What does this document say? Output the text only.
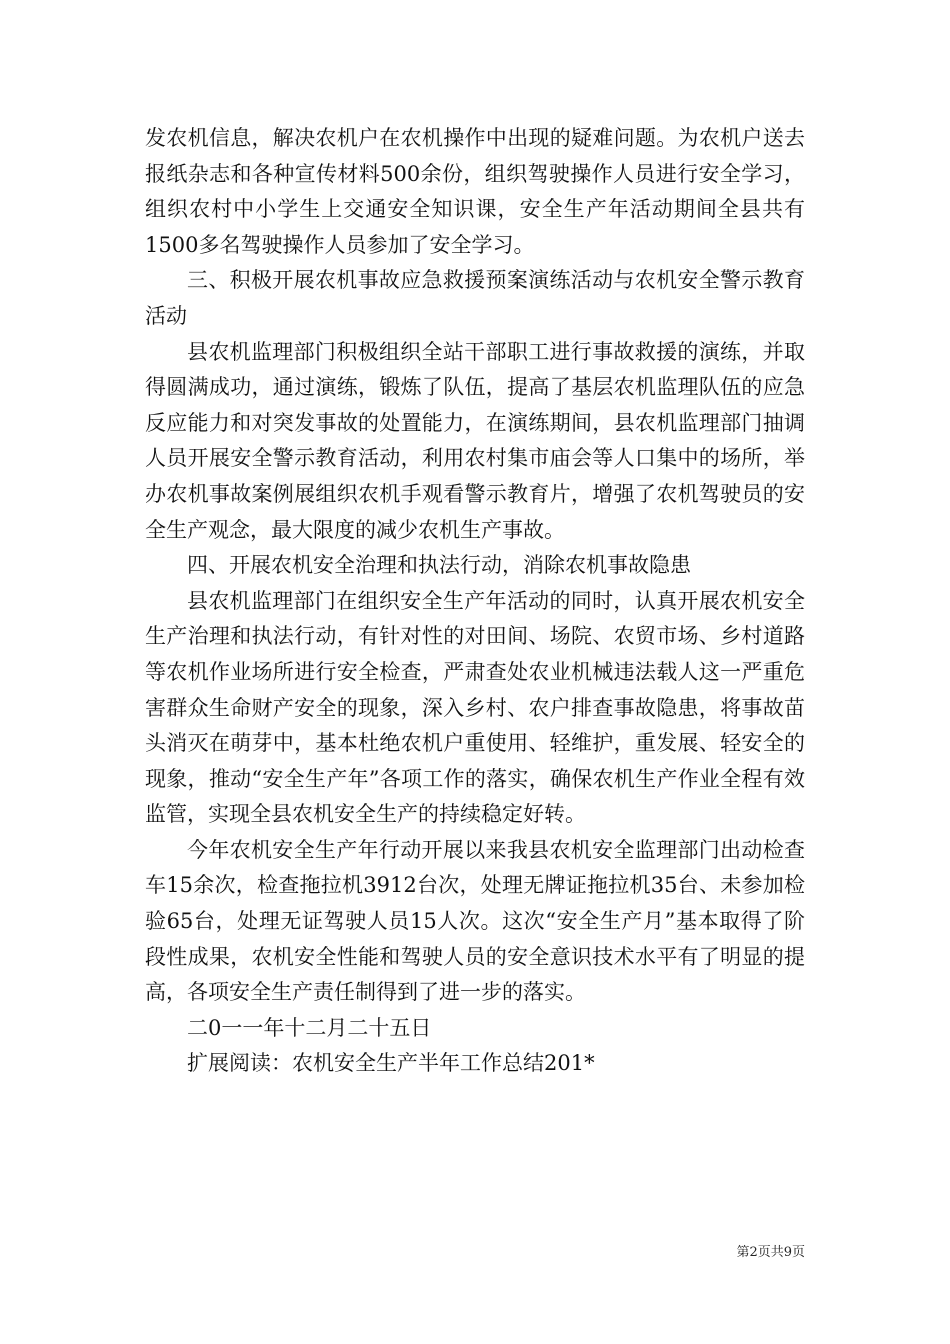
发农机信息，解决农机户在农机操作中出现的疑难问题。为农机户送去报纸杂志和各种宣传材料500余份，组织驾驶操作人员进行安全学习，组织农村中小学生上交通安全知识课，安全生产年活动期间全县共有1500多名驾驶操作人员参加了安全学习。

三、积极开展农机事故应急救援预案演练活动与农机安全警示教育活动

县农机监理部门积极组织全站干部职工进行事故救援的演练，并取得圆满成功，通过演练，锻炼了队伍，提高了基层农机监理队伍的应急反应能力和对突发事故的处置能力，在演练期间，县农机监理部门抽调人员开展安全警示教育活动，利用农村集市庙会等人口集中的场所，举办农机事故案例展组织农机手观看警示教育片，增强了农机驾驶员的安全生产观念，最大限度的减少农机生产事故。

四、开展农机安全治理和执法行动，消除农机事故隐患

县农机监理部门在组织安全生产年活动的同时，认真开展农机安全生产治理和执法行动，有针对性的对田间、场院、农贸市场、乡村道路等农机作业场所进行安全检查，严肃查处农业机械违法载人这一严重危害群众生命财产安全的现象，深入乡村、农户排查事故隐患，将事故苗头消灭在萌芽中，基本杜绝农机户重使用、轻维护，重发展、轻安全的现象，推动“安全生产年”各项工作的落实，确保农机生产作业全程有效监管，实现全县农机安全生产的持续稳定好转。

今年农机安全生产年行动开展以来我县农机安全监理部门出动检查车15余次，检查拖拉机3912台次，处理无牌证拖拉机35台、未参加检验65台，处理无证驾驶人员15人次。这次“安全生产月”基本取得了阶段性成果，农机安全性能和驾驶人员的安全意识技术水平有了明显的提高，各项安全生产责任制得到了进一步的落实。

二0一一年十二月二十五日

扩展阅读：农机安全生产半年工作总结201*

第2页共9页
